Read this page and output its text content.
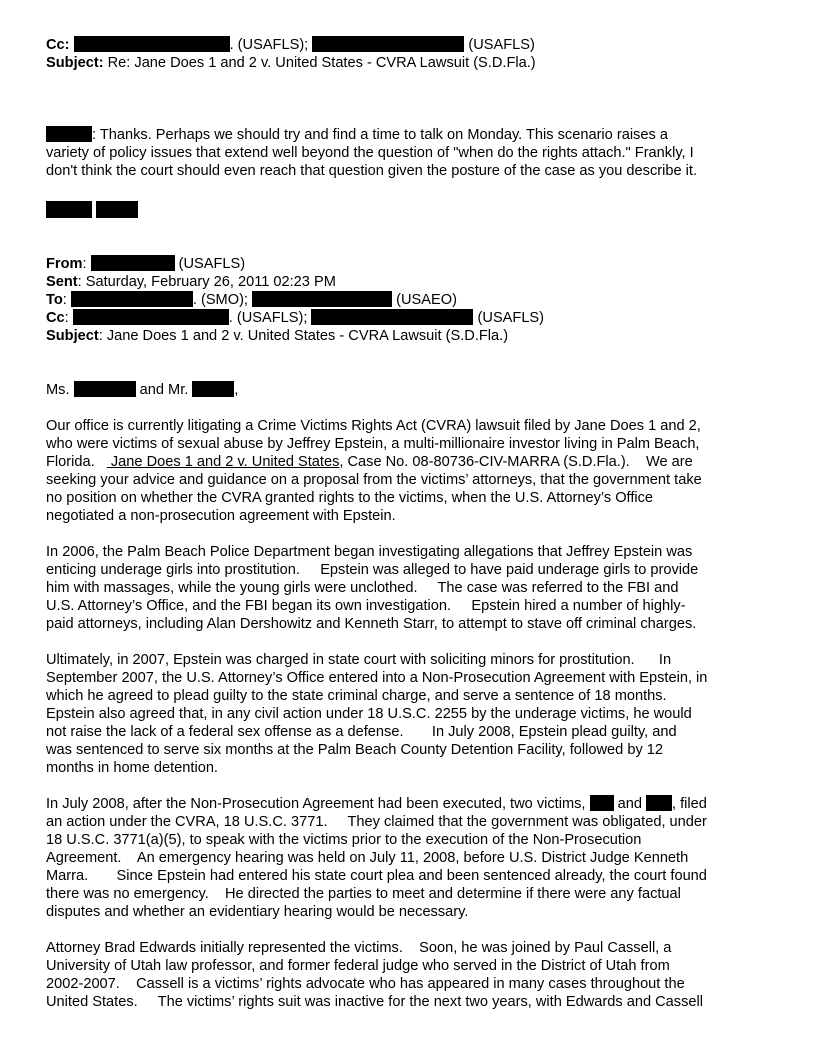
Cc:	. (USAFLS);	(USAFLS)
Subject: Re: Jane Does 1 and 2 v. United States - CVRA Lawsuit (S.D.Fla.)
: Thanks. Perhaps we should try and find a time to talk on Monday. This scenario raises a
variety of policy issues that extend well beyond the question of "when do the rights attach." Frankly, I
don't think the court should even reach that question given the posture of the case as you describe it.

From:	(USAFLS)
Sent: Saturday, February 26, 2011 02:23 PM
To:	. (SMO);	(USAEO)
Cc:	. (USAFLS);	(USAFLS)
Subject: Jane Does 1 and 2 v. United States - CVRA Lawsuit (S.D.Fla.)
Ms.	and Mr.	,
Our office is currently litigating a Crime Victims Rights Act (CVRA) lawsuit filed by Jane Does 1 and 2,
who were victims of sexual abuse by Jeffrey Epstein, a multi-millionaire investor living in Palm Beach,
Florida.    Jane Does 1 and 2 v. United States, Case No. 08-80736-CIV-MARRA (S.D.Fla.).    We are
seeking your advice and guidance on a proposal from the victims’ attorneys, that the government take
no position on whether the CVRA granted rights to the victims, when the U.S. Attorney’s Office
negotiated a non-prosecution agreement with Epstein.
In 2006, the Palm Beach Police Department began investigating allegations that Jeffrey Epstein was
enticing underage girls into prostitution.     Epstein was alleged to have paid underage girls to provide
him with massages, while the young girls were unclothed.     The case was referred to the FBI and
U.S. Attorney’s Office, and the FBI began its own investigation.     Epstein hired a number of highly-
paid attorneys, including Alan Dershowitz and Kenneth Starr, to attempt to stave off criminal charges.
Ultimately, in 2007, Epstein was charged in state court with soliciting minors for prostitution.      In
September 2007, the U.S. Attorney’s Office entered into a Non-Prosecution Agreement with Epstein, in
which he agreed to plead guilty to the state criminal charge, and serve a sentence of 18 months.
Epstein also agreed that, in any civil action under 18 U.S.C. 2255 by the underage victims, he would
not raise the lack of a federal sex offense as a defense.       In July 2008, Epstein plead guilty, and
was sentenced to serve six months at the Palm Beach County Detention Facility, followed by 12
months in home detention.
In July 2008, after the Non-Prosecution Agreement had been executed, two victims,  and , filed
an action under the CVRA, 18 U.S.C. 3771.     They claimed that the government was obligated, under
18 U.S.C. 3771(a)(5), to speak with the victims prior to the execution of the Non-Prosecution
Agreement.    An emergency hearing was held on July 11, 2008, before U.S. District Judge Kenneth
Marra.       Since Epstein had entered his state court plea and been sentenced already, the court found
there was no emergency.    He directed the parties to meet and determine if there were any factual
disputes and whether an evidentiary hearing would be necessary.
Attorney Brad Edwards initially represented the victims.    Soon, he was joined by Paul Cassell, a
University of Utah law professor, and former federal judge who served in the District of Utah from
2002-2007.    Cassell is a victims’ rights advocate who has appeared in many cases throughout the
United States.     The victims’ rights suit was inactive for the next two years, with Edwards and Cassell
